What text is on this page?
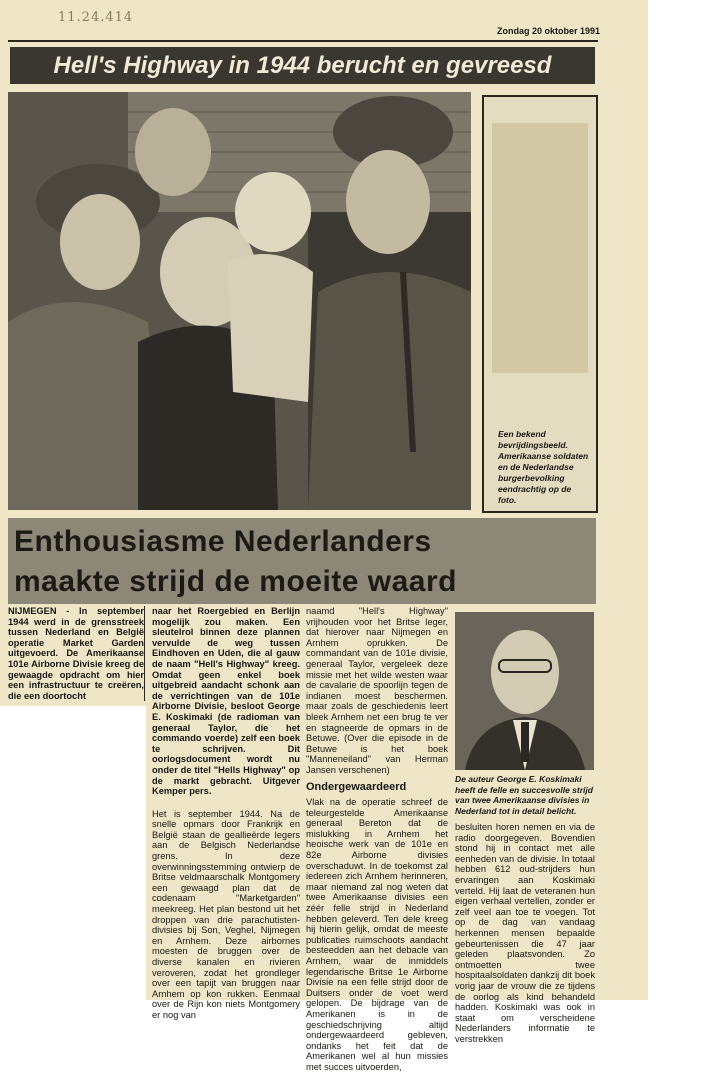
11.24.414
Zondag 20 oktober 1991
Hell's Highway in 1944 berucht en gevreesd
Een bekend bevrijdingsbeeld. Amerikaanse soldaten en de Nederlandse burgerbevolking eendrachtig op de foto.
Enthousiasme Nederlanders
maakte strijd de moeite waard
NIJMEGEN - In september 1944 werd in de grensstreek tussen Nederland en België operatie Market Garden uitgevoerd. De Amerikaanse 101e Airborne Divisie kreeg de gewaagde opdracht om hier een infrastructuur te creëren, die een doortocht
naar het Roergebied en Berlijn mogelijk zou maken. Een sleutelrol binnen deze plannen vervulde de weg tussen Eindhoven en Uden, die al gauw de naam "Hell's Highway" kreeg. Omdat geen enkel boek uitgebreid aandacht schonk aan de verrichtingen van de 101e Airborne Divisie, besloot George E. Koskimaki (de radioman van generaal Taylor, die het commando voerde) zelf een boek te schrijven. Dit oorlogsdocument wordt nu onder de titel "Hells Highway" op de markt gebracht. Uitgever Kemper pers.
Het is september 1944. Na de snelle opmars door Frankrijk en België staan de geallieërde legers aan de Belgisch Nederlandse grens. In deze overwinningsstemming ontwierp de Britse veldmaarschalk Montgomery een gewaagd plan dat de codenaam "Marketgarden" meekreeg. Het plan bestond uit het droppen van drie parachutisten-divisies bij Son, Veghel, Nijmegen en Arnhem. Deze airbornes moesten de bruggen over de diverse kanalen en rivieren veroveren, zodat het grondleger over een tapijt van bruggen naar Arnhem op kon rukken. Eenmaal over de Rijn kon niets Montgomery er nog van
naamd "Hell's Highway" vrijhouden voor het Britse leger, dat hierover naar Nijmegen en Arnhem oprukken. De commandant van de 101e divisie, generaal Taylor, vergeleek deze missie met het wilde westen waar de cavalarie de spoorlijn tegen de indianen moest beschermen. maar zoals de geschiedenis leert bleek Arnhem net een brug te ver en stagneerde de opmars in de Betuwe. (Over die episode in de Betuwe is het boek "Manneneiland" van Herman Jansen verschenen)
Ondergewaardeerd
Vlak na de operatie schreef de teleurgestelde Amerikaanse generaal Bereton dat de mislukking in Arnhem het heoische werk van de 101e en 82e Airborne divisies overschaduwt. In de toekomst zal iedereen zich Arnhem herinneren, maar niemand zal nog weten dat twee Amerikaanse divisies een zéér felle strijd in Nederland hebben geleverd. Ten dele kreeg hij hierin gelijk, omdat de meeste publicaties ruimschoots aandacht besteedden aan het debacle van Arnhem, waar de inmiddels legendarische Britse 1e Airborne Divisie na een felle strijd door de Duitsers onder de voet werd gelopen. De bijdrage van de Amerikanen is in de geschiedschrijving altijd ondergewaardeerd gebleven, ondanks het feit dat de Amerikanen wel al hun missies met succes uitvoerden,
De auteur George E. Koskimaki heeft de felle en succesvolle strijd van twee Amerikaanse divisies in Nederland tot in detail belicht.
besluiten horen nemen en via de radio doorgegeven. Bovendien stond hij in contact met alle eenheden van de divisie. In totaal hebben 612 oud-strijders hun ervaringen aan Koskimaki verteld. Hij laat de veteranen hun eigen verhaal vertellen, zonder er zelf veel aan toe te voegen. Tot op de dag van vandaag herkennen mensen bepaalde gebeurtenissen die 47 jaar geleden plaatsvonden. Zo ontmoetten twee hospitaalsoldaten dankzij dit boek vorig jaar de vrouw die ze tijdens de oorlog als kind behandeld hadden. Koskimaki was ook in staat om verscheidene Nederlanders informatie te verstrekken
